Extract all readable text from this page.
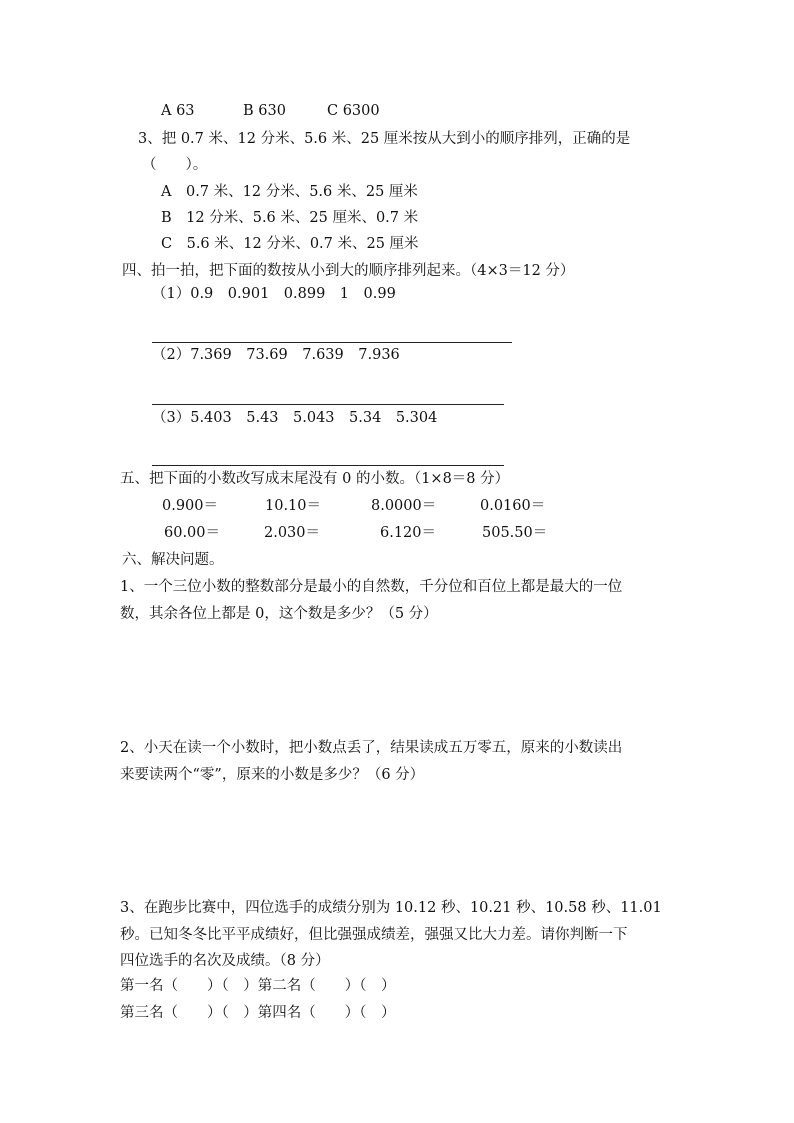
A 63	B 630	C 6300
3、把 0.7 米、12 分米、5.6 米、25 厘米按从大到小的顺序排列，正确的是
（　　）。
A　0.7 米、12 分米、5.6 米、25 厘米
B　12 分米、5.6 米、25 厘米、0.7 米
C　5.6 米、12 分米、0.7 米、25 厘米
四、拍一拍，把下面的数按从小到大的顺序排列起来。（4×3＝12 分）
（1）0.9　0.901　0.899　1　0.99
（2）7.369　73.69　7.639　7.936
（3）5.403　5.43　5.043　5.34　5.304
五、把下面的小数改写成末尾没有 0 的小数。（1×8＝8 分）
0.900＝	10.10＝	8.0000＝	0.0160＝
60.00＝	2.030＝	6.120＝	505.50＝
六、解决问题。
1、一个三位小数的整数部分是最小的自然数，千分位和百位上都是最大的一位
数，其余各位上都是 0，这个数是多少？（5 分）
2、小天在读一个小数时，把小数点丢了，结果读成五万零五，原来的小数读出
来要读两个“零”，原来的小数是多少？（6 分）
3、在跑步比赛中，四位选手的成绩分别为 10.12 秒、10.21 秒、10.58 秒、11.01
秒。已知冬冬比平平成绩好，但比强强成绩差，强强又比大力差。请你判断一下
四位选手的名次及成绩。（8 分）
第一名（　　）（　）第二名（　　）（　）
第三名（　　）（　）第四名（　　）（　）
